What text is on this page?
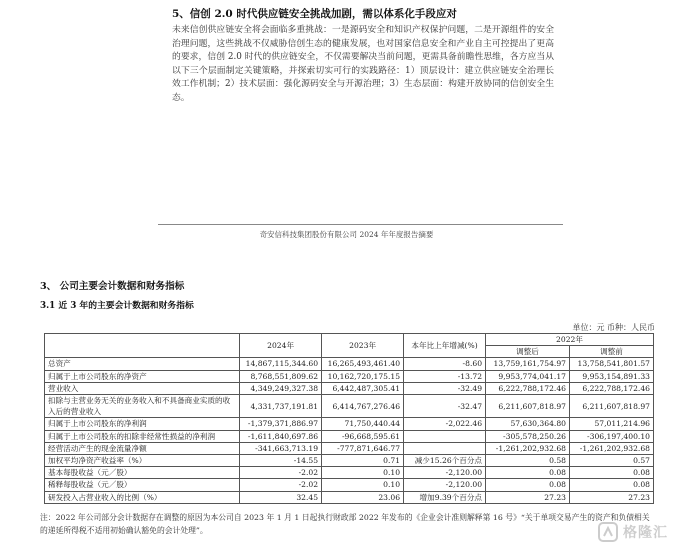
5、信创 2.0 时代供应链安全挑战加剧，需以体系化手段应对
未来信创供应链安全将会面临多重挑战：一是源码安全和知识产权保护问题，二是开源组件的安全治理问题，这些挑战不仅威胁信创生态的健康发展，也对国家信息安全和产业自主可控提出了更高的要求，信创 2.0 时代的供应链安全，不仅需要解决当前问题，更需具备前瞻性思维，各方应当从以下三个层面制定关键策略，并探索切实可行的实践路径：1）顶层设计：建立供应链安全治理长效工作机制；2）技术层面：强化源码安全与开源治理；3）生态层面：构建开放协同的信创安全生态。
奇安信科技集团股份有限公司 2024 年年度报告摘要
3、 公司主要会计数据和财务指标
3.1 近 3 年的主要会计数据和财务指标
单位：元 币种：人民币
	2024年	2023年	本年比上年增减(%)	2022年	
				调整后	调整前
总资产	14,867,115,344.60	16,265,493,461.40	-8.60	13,759,161,754.97	13,758,541,801.57
归属于上市公司股东的净资产	8,768,551,809.62	10,162,720,175.15	-13.72	9,953,774,041.17	9,953,154,891.33
营业收入	4,349,249,327.38	6,442,487,305.41	-32.49	6,222,788,172.46	6,222,788,172.46
扣除与主营业务无关的业务收入和不具备商业实质的收入后的营业收入	4,331,737,191.81	6,414,767,276.46	-32.47	6,211,607,818.97	6,211,607,818.97
归属于上市公司股东的净利润	-1,379,371,886.97	71,750,440.44	-2,022.46	57,630,364.80	57,011,214.96
归属于上市公司股东的扣除非经常性损益的净利润	-1,611,840,697.86	-96,668,595.61		-305,578,250.26	-306,197,400.10
经营活动产生的现金流量净额	-341,663,713.19	-777,871,646.77		-1,261,202,932.68	-1,261,202,932.68
加权平均净资产收益率（%）	-14.55	0.71	减少15.26个百分点	0.58	0.57
基本每股收益（元／股）	-2.02	0.10	-2,120.00	0.08	0.08
稀释每股收益（元／股）	-2.02	0.10	-2,120.00	0.08	0.08
研发投入占营业收入的比例（%）	32.45	23.06	增加9.39个百分点	27.23	27.23
注：2022 年公司部分会计数据存在调整的原因为本公司自 2023 年 1 月 1 日起执行财政部 2022 年发布的《企业会计准则解释第 16 号》“关于单项交易产生的资产和负债相关的递延所得税不适用初始确认豁免的会计处理”。	格隆汇
